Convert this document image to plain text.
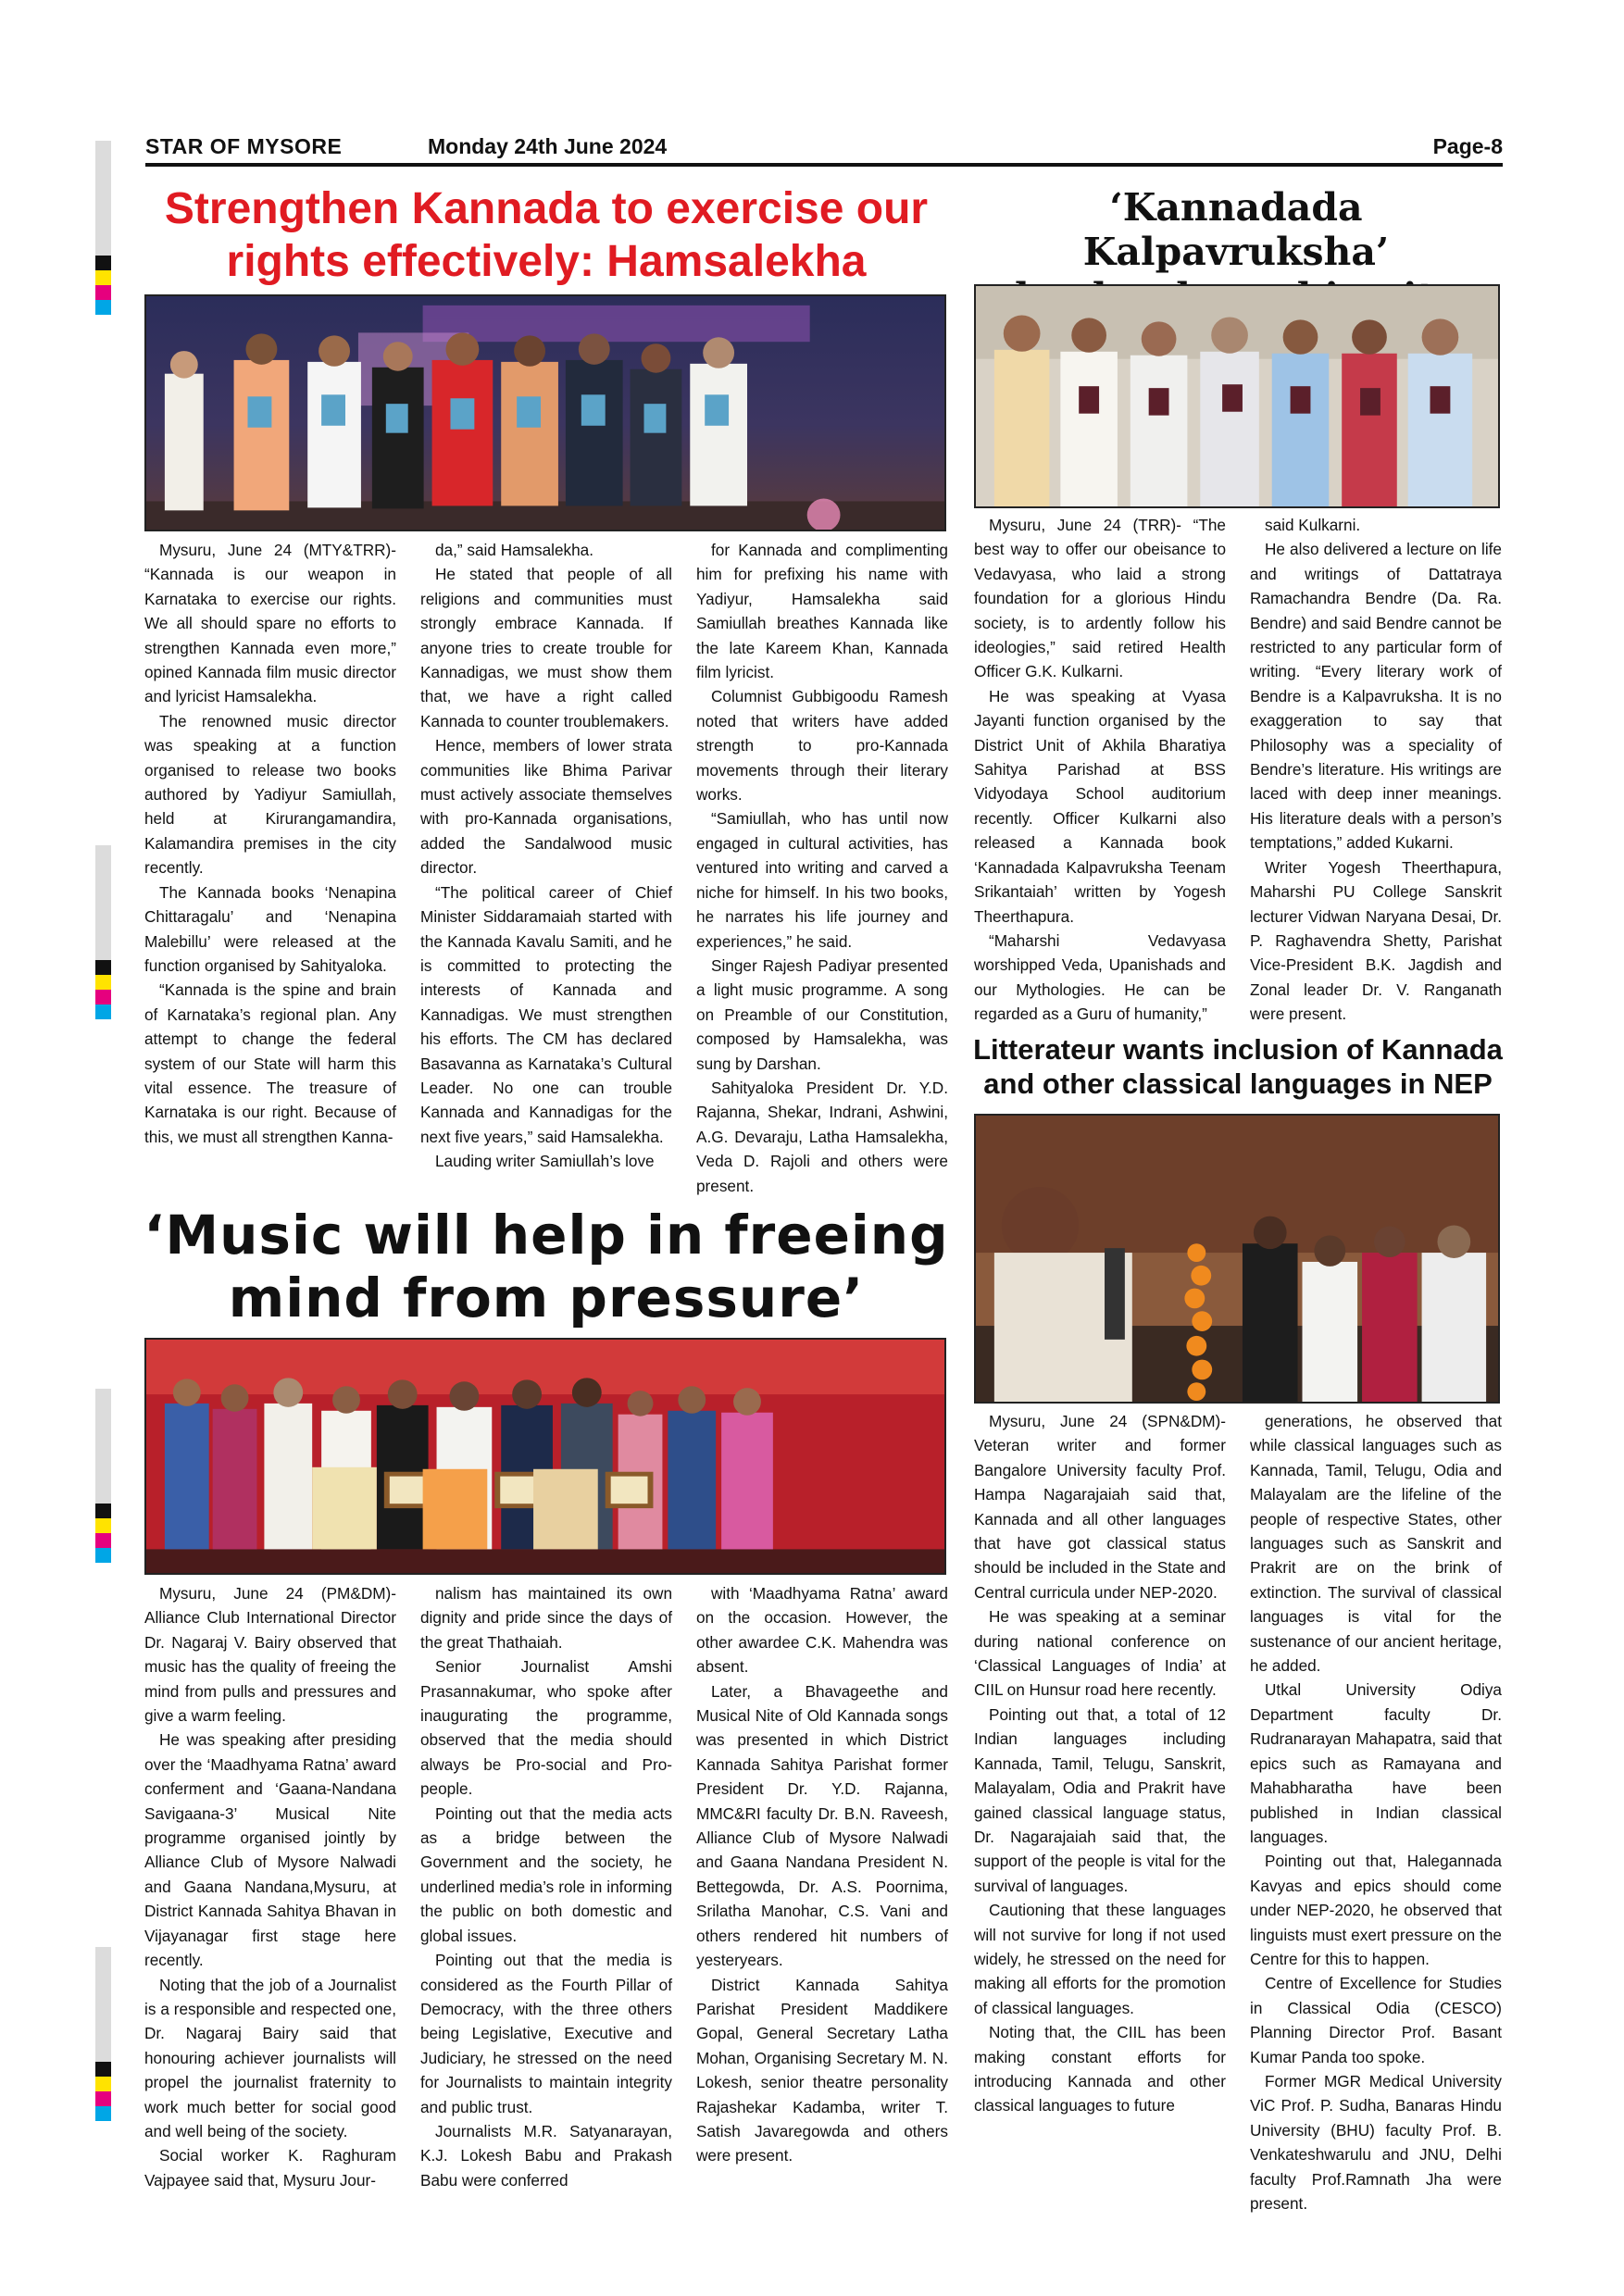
STAR OF MYSORE	Monday 24th June 2024	Page-8
Strengthen Kannada to exercise our
rights effectively: Hamsalekha

Mysuru, June 24 (MTY&TRR)- “Kannada is our weapon in Karnataka to exercise our rights. We all should spare no efforts to strengthen Kannada even more,” opined Kannada film music director and lyricist Hamsalekha.

The renowned music director was speaking at a function organised to release two books authored by Yadiyur Samiullah, held at Kirurangamandira, Kalamandira premises in the city recently.

The Kannada books ‘Nenapina Chittaragalu’ and ‘Nenapina Malebillu’ were released at the function organised by Sahityaloka.

“Kannada is the spine and brain of Karnataka’s regional plan. Any attempt to change the federal system of our State will harm this vital essence. The treasure of Karnataka is our right. Because of this, we must all strengthen Kanna-

da,” said Hamsalekha.

He stated that people of all religions and communities must strongly embrace Kannada. If anyone tries to create trouble for Kannadigas, we must show them that, we have a right called Kannada to counter troublemakers.

Hence, members of lower strata communities like Bhima Parivar must actively associate themselves with pro-Kannada organisations, added the Sandalwood music director.

“The political career of Chief Minister Siddaramaiah started with the Kannada Kavalu Samiti, and he is committed to protecting the interests of Kannada and Kannadigas. We must strengthen his efforts. The CM has declared Basavanna as Karnataka’s Cultural Leader. No one can trouble Kannada and Kannadigas for the next five years,” said Hamsalekha.

Lauding writer Samiullah’s love

for Kannada and complimenting him for prefixing his name with Yadiyur, Hamsalekha said Samiullah breathes Kannada like the late Kareem Khan, Kannada film lyricist.

Columnist Gubbigoodu Ramesh noted that writers have added strength to pro-Kannada movements through their literary works.

“Samiullah, who has until now engaged in cultural activities, has ventured into writing and carved a niche for himself. In his two books, he narrates his life journey and experiences,” he said.

Singer Rajesh Padiyar presented a light music programme. A song on Preamble of our Constitution, composed by Hamsalekha, was sung by Darshan.

Sahityaloka President Dr. Y.D. Rajanna, Shekar, Indrani, Ashwini, A.G. Devaraju, Latha Hamsalekha, Veda D. Rajoli and others were present.

‘Kannadada Kalpavruksha’

Mysuru, June 24 (TRR)- “The best way to offer our obeisance to Vedavyasa, who laid a strong foundation for a glorious Hindu society, is to ardently follow his ideologies,” said retired Health Officer G.K. Kulkarni.

He was speaking at Vyasa Jayanti function organised by the District Unit of Akhila Bharatiya Sahitya Parishad at BSS Vidyodaya School auditorium recently. Officer Kulkarni also released a Kannada book ‘Kannadada Kalpavruksha Teenam Srikantaiah’ written by Yogesh Theerthapura.

“Maharshi Vedavyasa worshipped Veda, Upanishads and our Mythologies. He can be regarded as a Guru of humanity,”

said Kulkarni.

He also delivered a lecture on life and writings of Dattatraya Ramachandra Bendre (Da. Ra. Bendre) and said Bendre cannot be restricted to any particular form of writing. “Every literary work of Bendre is a Kalpavruksha. It is no exaggeration to say that Philosophy was a speciality of Bendre’s literature. His writings are laced with deep inner meanings. His literature deals with a person’s temptations,” added Kukarni.

Writer Yogesh Theerthapura, Maharshi PU College Sanskrit lecturer Vidwan Naryana Desai, Dr. P. Raghavendra Shetty, Parishat Vice-President B.K. Jagdish and Zonal leader Dr. V. Ranganath were present.

Litterateur wants inclusion of Kannada
and other classical languages in NEP

Mysuru, June 24 (SPN&DM)- Veteran writer and former Bangalore University faculty Prof. Hampa Nagarajaiah said that, Kannada and all other languages that have got classical status should be included in the State and Central curricula under NEP-2020.

He was speaking at a seminar during national conference on ‘Classical Languages of India’ at CIIL on Hunsur road here recently.

Pointing out that, a total of 12 Indian languages including Kannada, Tamil, Telugu, Sanskrit, Malayalam, Odia and Prakrit have gained classical language status, Dr. Nagarajaiah said that, the support of the people is vital for the survival of languages.

Cautioning that these languages will not survive for long if not used widely, he stressed on the need for making all efforts for the promotion of classical languages.

Noting that, the CIIL has been making constant efforts for introducing Kannada and other classical languages to future

generations, he observed that while classical languages such as Kannada, Tamil, Telugu, Odia and Malayalam are the lifeline of the people of respective States, other languages such as Sanskrit and Prakrit are on the brink of extinction. The survival of classical languages is vital for the sustenance of our ancient heritage, he added.

Utkal University Odiya Department faculty Dr. Rudranarayan Mahapatra, said that epics such as Ramayana and Mahabharatha have been published in Indian classical languages.

Pointing out that, Halegannada Kavyas and epics should come under NEP-2020, he observed that linguists must exert pressure on the Centre for this to happen.

Centre of Excellence for Studies in Classical Odia (CESCO) Planning Director Prof. Basant Kumar Panda too spoke.

Former MGR Medical University ViC Prof. P. Sudha, Banaras Hindu University (BHU) faculty Prof. B. Venkateshwarulu and JNU, Delhi faculty Prof.Ramnath Jha were present.

‘Music will help in freeing
mind from pressure’

Mysuru, June 24 (PM&DM)- Alliance Club International Director Dr. Nagaraj V. Bairy observed that music has the quality of freeing the mind from pulls and pressures and give a warm feeling.

He was speaking after presiding over the ‘Maadhyama Ratna’ award conferment and ‘Gaana-Nandana Savigaana-3’ Musical Nite programme organised jointly by Alliance Club of Mysore Nalwadi and Gaana Nandana,Mysuru, at District Kannada Sahitya Bhavan in Vijayanagar first stage here recently.

Noting that the job of a Journalist is a responsible and respected one, Dr. Nagaraj Bairy said that honouring achiever journalists will propel the journalist fraternity to work much better for social good and well being of the society.

Social worker K. Raghuram Vajpayee said that, Mysuru Jour-

nalism has maintained its own dignity and pride since the days of the great Thathaiah.

Senior Journalist Amshi Prasannakumar, who spoke after inaugurating the programme, observed that the media should always be Pro-social and Pro-people.

Pointing out that the media acts as a bridge between the Government and the society, he underlined media’s role in informing the public on both domestic and global issues.

Pointing out that the media is considered as the Fourth Pillar of Democracy, with the three others being Legislative, Executive and Judiciary, he stressed on the need for Journalists to maintain integrity and public trust.

Journalists M.R. Satyanarayan, K.J. Lokesh Babu and Prakash Babu were conferred

with ‘Maadhyama Ratna’ award on the occasion. However, the other awardee C.K. Mahendra was absent.

Later, a Bhavageethe and Musical Nite of Old Kannada songs was presented in which District Kannada Sahitya Parishat former President Dr. Y.D. Rajanna, MMC&RI faculty Dr. B.N. Raveesh, Alliance Club of Mysore Nalwadi and Gaana Nandana President N. Bettegowda, Dr. A.S. Poornima, Srilatha Manohar, C.S. Vani and others rendered hit numbers of yesteryears.

District Kannada Sahitya Parishat President Maddikere Gopal, General Secretary Latha Mohan, Organising Secretary M. N. Lokesh, senior theatre personality Rajashekar Kadamba, writer T. Satish Javaregowda and others were present.
